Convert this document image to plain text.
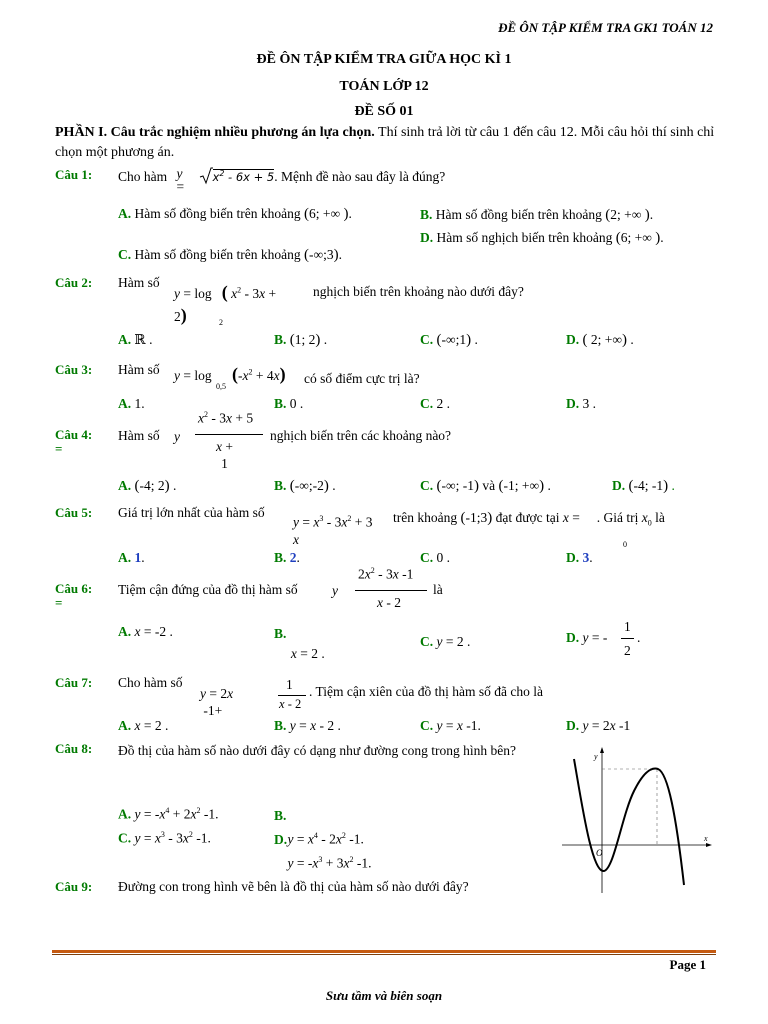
ĐỀ ÔN TẬP KIỂM TRA GK1 TOÁN 12
ĐỀ ÔN TẬP KIỂM TRA GIỮA HỌC KÌ 1
TOÁN LỚP 12
ĐỀ SỐ 01
PHẦN I. Câu trắc nghiệm nhiều phương án lựa chọn. Thí sinh trả lời từ câu 1 đến câu 12. Mỗi câu hỏi thí sinh chỉ chọn một phương án.
Câu 1: Cho hàm y
$=x^2 - 6x + 5$. Mệnh đề nào sau đây là đúng?
A. Hàm số đồng biến trên khoảng (6; +∞ ).	B. Hàm số đồng biến trên khoảng (2; +∞ ).
C. Hàm số đồng biến trên khoảng (-∞;3).
D. Hàm số nghịch biến trên khoảng (6; +∞ ).
Câu 2: Hàm số
y = log   ( $x^2 - 3x$ +
2)	2
nghịch biến trên khoảng nào dưới đây?
A. ℝ .	B. (1; 2) .	C. (-∞;1) .	D. ( 2; +∞) .
Câu 3: Hàm số y = log
0,5
$(-x^2 + 4x)$ có số điểm cực trị là?
A. 1.	B. 0 .	C. 2 .	D. 3 .
Câu 4:
=
Hàm số y
$x^2 - 3x + 5$
x +
1
nghịch biến trên các khoảng nào?
A. (-4; 2) .	B. (-∞;-2) .	C. (-∞; -1) và (-1; +∞) .	D. (-4; -1) .
Câu 5: Giá trị lớn nhất của hàm số
$y = x^3 - 3x^2 + 3$
x
trên khoảng (-1;3) đạt được tại x =     . Giá trị $x_0$ là
0
A. 1.	B. 2.	C. 0 .	D. 3.
Câu 6:
=
Tiệm cận đứng của đồ thị hàm số	y
$2x^2 - 3x$ -1
x - 2
là
A. x = -2 .	B.
x = 2 .
C. y = 2 .	D. y = -
1
2
.
Câu 7: Cho hàm số
y = 2x
-1+
1
x - 2
. Tiệm cận xiên của đồ thị hàm số đã cho là
A. x = 2 .	B. y = x - 2 .	C. y = x -1.	D. y = 2x -1
Câu 8: Đồ thị của hàm số nào dưới đây có dạng như đường cong trong hình bên?
A. $y = -x^4 + 2x^2$ -1.	B.
$y = x^4 - 2x^2$ -1.
C. $y = x^3 - 3x^2$ -1.	D.
$y = -x^3 + 3x^2$ -1.
y
x
O
Câu 9: Đường con trong hình vẽ bên là đồ thị của hàm số nào dưới đây?
Page 1
Sưu tầm và biên soạn
